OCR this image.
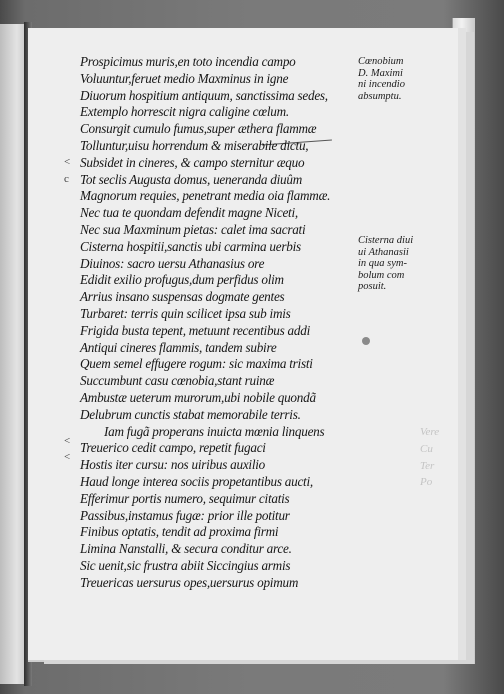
Vere
Cu
Ter
Po
<
c
<
<
Prospicimus muris,en toto incendia campo
Voluuntur,feruet medio Maxminus in igne
Diuorum hospitium antiquum, sanctissima sedes,
Extemplo horrescit nigra caligine cœlum.
Consurgit cumulo fumus,super æthera flammæ
Tolluntur,uisu horrendum & miserabile dictu,
Subsidet in cineres, & campo sternitur æquo
Tot seclis Augusta domus, ueneranda diuûm
Magnorum requies, penetrant media oia flammæ.
Nec tua te quondam defendit magne Niceti,
Nec sua Maxminum pietas: calet ima sacrati
Cisterna hospitii,sanctis ubi carmina uerbis
Diuinos: sacro uersu Athanasius ore
Edidit exilio profugus,dum perfidus olim
Arrius insano suspensas dogmate gentes
Turbaret: terris quin scilicet ipsa sub imis
Frigida busta tepent, metuunt recentibus addi
Antiqui cineres flammis, tandem subire
Quem semel effugere rogum: sic maxima tristi
Succumbunt casu cœnobia,stant ruinæ
Ambustæ ueterum murorum,ubi nobile quondã
Delubrum cunctis stabat memorabile terris.
Iam fugã properans inuicta mœnia linquens
Treuerico cedit campo, repetit fugaci
Hostis iter cursu: nos uiribus auxilio
Haud longe interea sociis propetantibus aucti,
Efferimur portis numero, sequimur citatis
Passibus,instamus fugæ: prior ille potitur
Finibus optatis, tendit ad proxima firmi
Limina Nanstalli, & secura conditur arce.
Sic uenit,sic frustra abiit Siccingius armis
Treuericas uersurus opes,uersurus opimum
Cœnobium
D. Maximi
ni incendio
absumptu.
Cisterna diui
ui Athanasii
in qua sym-
bolum com
posuit.
